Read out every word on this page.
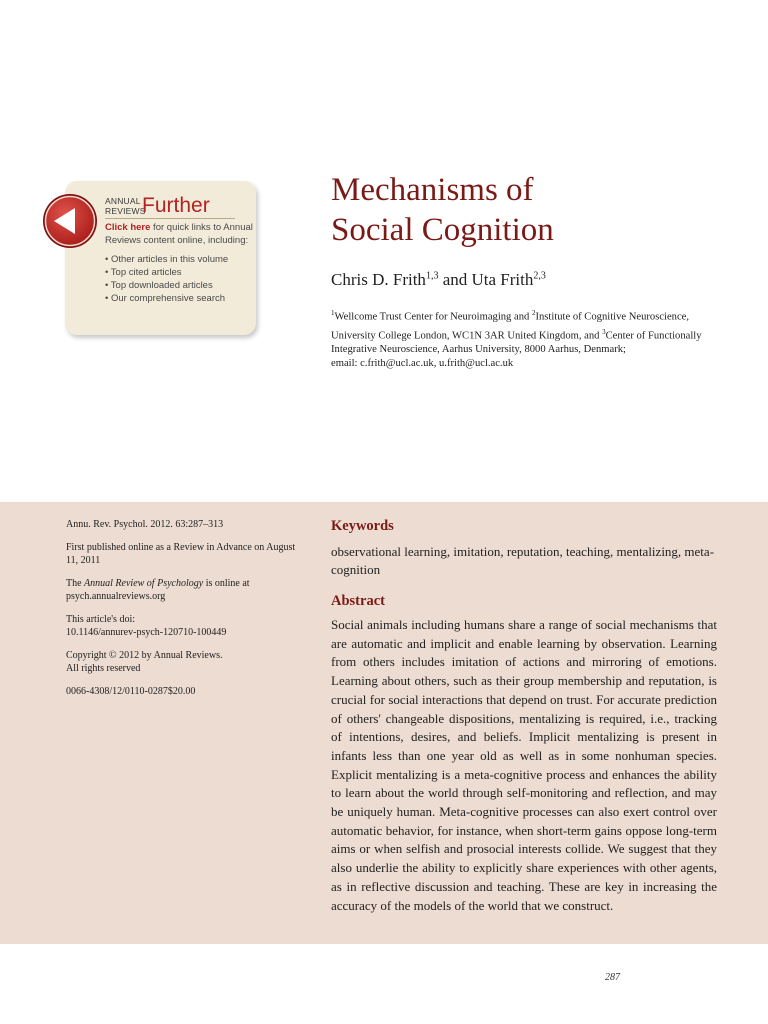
ANNUAL
REVIEWS
Further
Click here for quick links to Annual Reviews content online, including:
• Other articles in this volume
• Top cited articles
• Top downloaded articles
• Our comprehensive search
Mechanisms of
Social Cognition
Chris D. Frith$^{1,3}$ and Uta Frith$^{2,3}$
$^1$Wellcome Trust Center for Neuroimaging and $^2$Institute of Cognitive Neuroscience, University College London, WC1N 3AR United Kingdom, and $^3$Center of Functionally Integrative Neuroscience, Aarhus University, 8000 Aarhus, Denmark;
email: c.frith@ucl.ac.uk, u.frith@ucl.ac.uk

Annu. Rev. Psychol. 2012. 63:287–313

First published online as a Review in Advance on August 11, 2011

The Annual Review of Psychology is online at psych.annualreviews.org

This article's doi:
10.1146/annurev-psych-120710-100449

Copyright © 2012 by Annual Reviews.
All rights reserved

0066-4308/12/0110-0287$20.00

Keywords
observational learning, imitation, reputation, teaching, mentalizing, meta-cognition
Abstract
Social animals including humans share a range of social mechanisms that are automatic and implicit and enable learning by observation. Learning from others includes imitation of actions and mirroring of emotions. Learning about others, such as their group membership and reputation, is crucial for social interactions that depend on trust. For accurate prediction of others' changeable dispositions, mentalizing is required, i.e., tracking of intentions, desires, and beliefs. Implicit mentalizing is present in infants less than one year old as well as in some nonhuman species. Explicit mentalizing is a meta-cognitive process and enhances the ability to learn about the world through self-monitoring and reflection, and may be uniquely human. Meta-cognitive processes can also exert control over automatic behavior, for instance, when short-term gains oppose long-term aims or when selfish and prosocial interests collide. We suggest that they also underlie the ability to explicitly share experiences with other agents, as in reflective discussion and teaching. These are key in increasing the accuracy of the models of the world that we construct.
287
